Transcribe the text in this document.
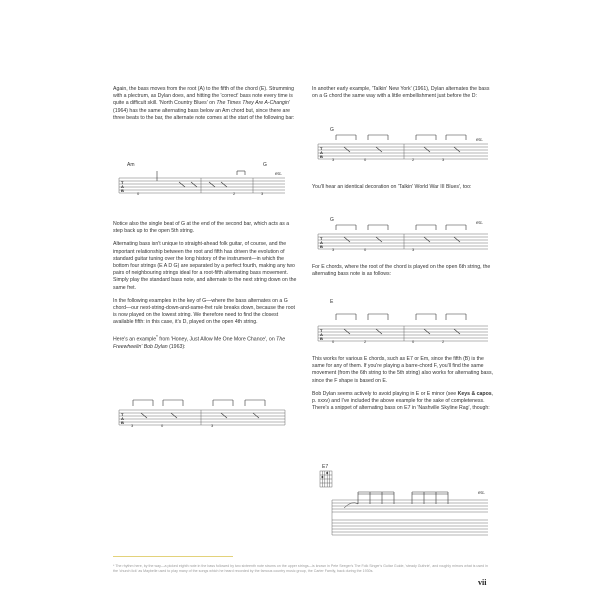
Again, the bass moves from the root (A) to the fifth of the chord (E). Strumming with a plectrum, as Dylan does, and hitting the 'correct' bass note every time is quite a difficult skill. 'North Country Blues' on The Times They Are A-Changin' (1964) has the same alternating bass below an Am chord but, since there are three beats to the bar, the alternate note comes at the start of the following bar:

Am	G
etc.
T
A
B
0	2	3

Notice also the single beat of G at the end of the second bar, which acts as a step back up to the open 5th string.

Alternating bass isn't unique to straight-ahead folk guitar, of course, and the important relationship between the root and fifth has driven the evolution of standard guitar tuning over the long history of the instrument—in which the bottom four strings (E A D G) are separated by a perfect fourth, making any two pairs of neighbouring strings ideal for a root-fifth alternating bass movement. Simply play the standard bass note, and alternate to the next string down on the same fret.

In the following examples in the key of G—where the bass alternates on a G chord—our next-string-down-and-same-fret rule breaks down, because the root is now played on the lowest string. We therefore need to find the closest available fifth: in this case, it's D, played on the open 4th string.

Here's an example* from 'Honey, Just Allow Me One More Chance', on The Freewheelin' Bob Dylan (1963):

T
A
B
3	0	3

In another early example, 'Talkin' New York' (1961), Dylan alternates the bass on a G chord the same way with a little embellishment just before the D:

G
etc.
T
A
B
3	0	2	3

You'll hear an identical decoration on 'Talkin' World War III Blues', too:

G	etc.
T
A
B
3	0	3

For E chords, where the root of the chord is played on the open 6th string, the alternating bass note is as follows:

E
T
A
B
0	2	0	2

This works for various E chords, such as E7 or Em, since the fifth (B) is the same for any of them. If you're playing a barre-chord F, you'll find the same movement (from the 6th string to the 5th string) also works for alternating bass, since the F shape is based on E.

Bob Dylan seems actively to avoid playing in E or E minor (see Keys & capos, p. xxxv) and I've included the above example for the sake of completeness. There's a snippet of alternating bass on E7 in 'Nashville Skyline Rag', though:

E7
etc.
* The rhythm here, by the way—a picked eighth note in the bass followed by two sixteenth note strums on the upper strings—is known in Pete Seeger's The Folk Singer's Guitar Guide, 'steady Guthrie', and roughly mirrors what is used in the 'church lick' as Maybelle used to play many of the songs which he heard recorded by the famous country music group, the Carter Family, back during the 1930s.
vii
